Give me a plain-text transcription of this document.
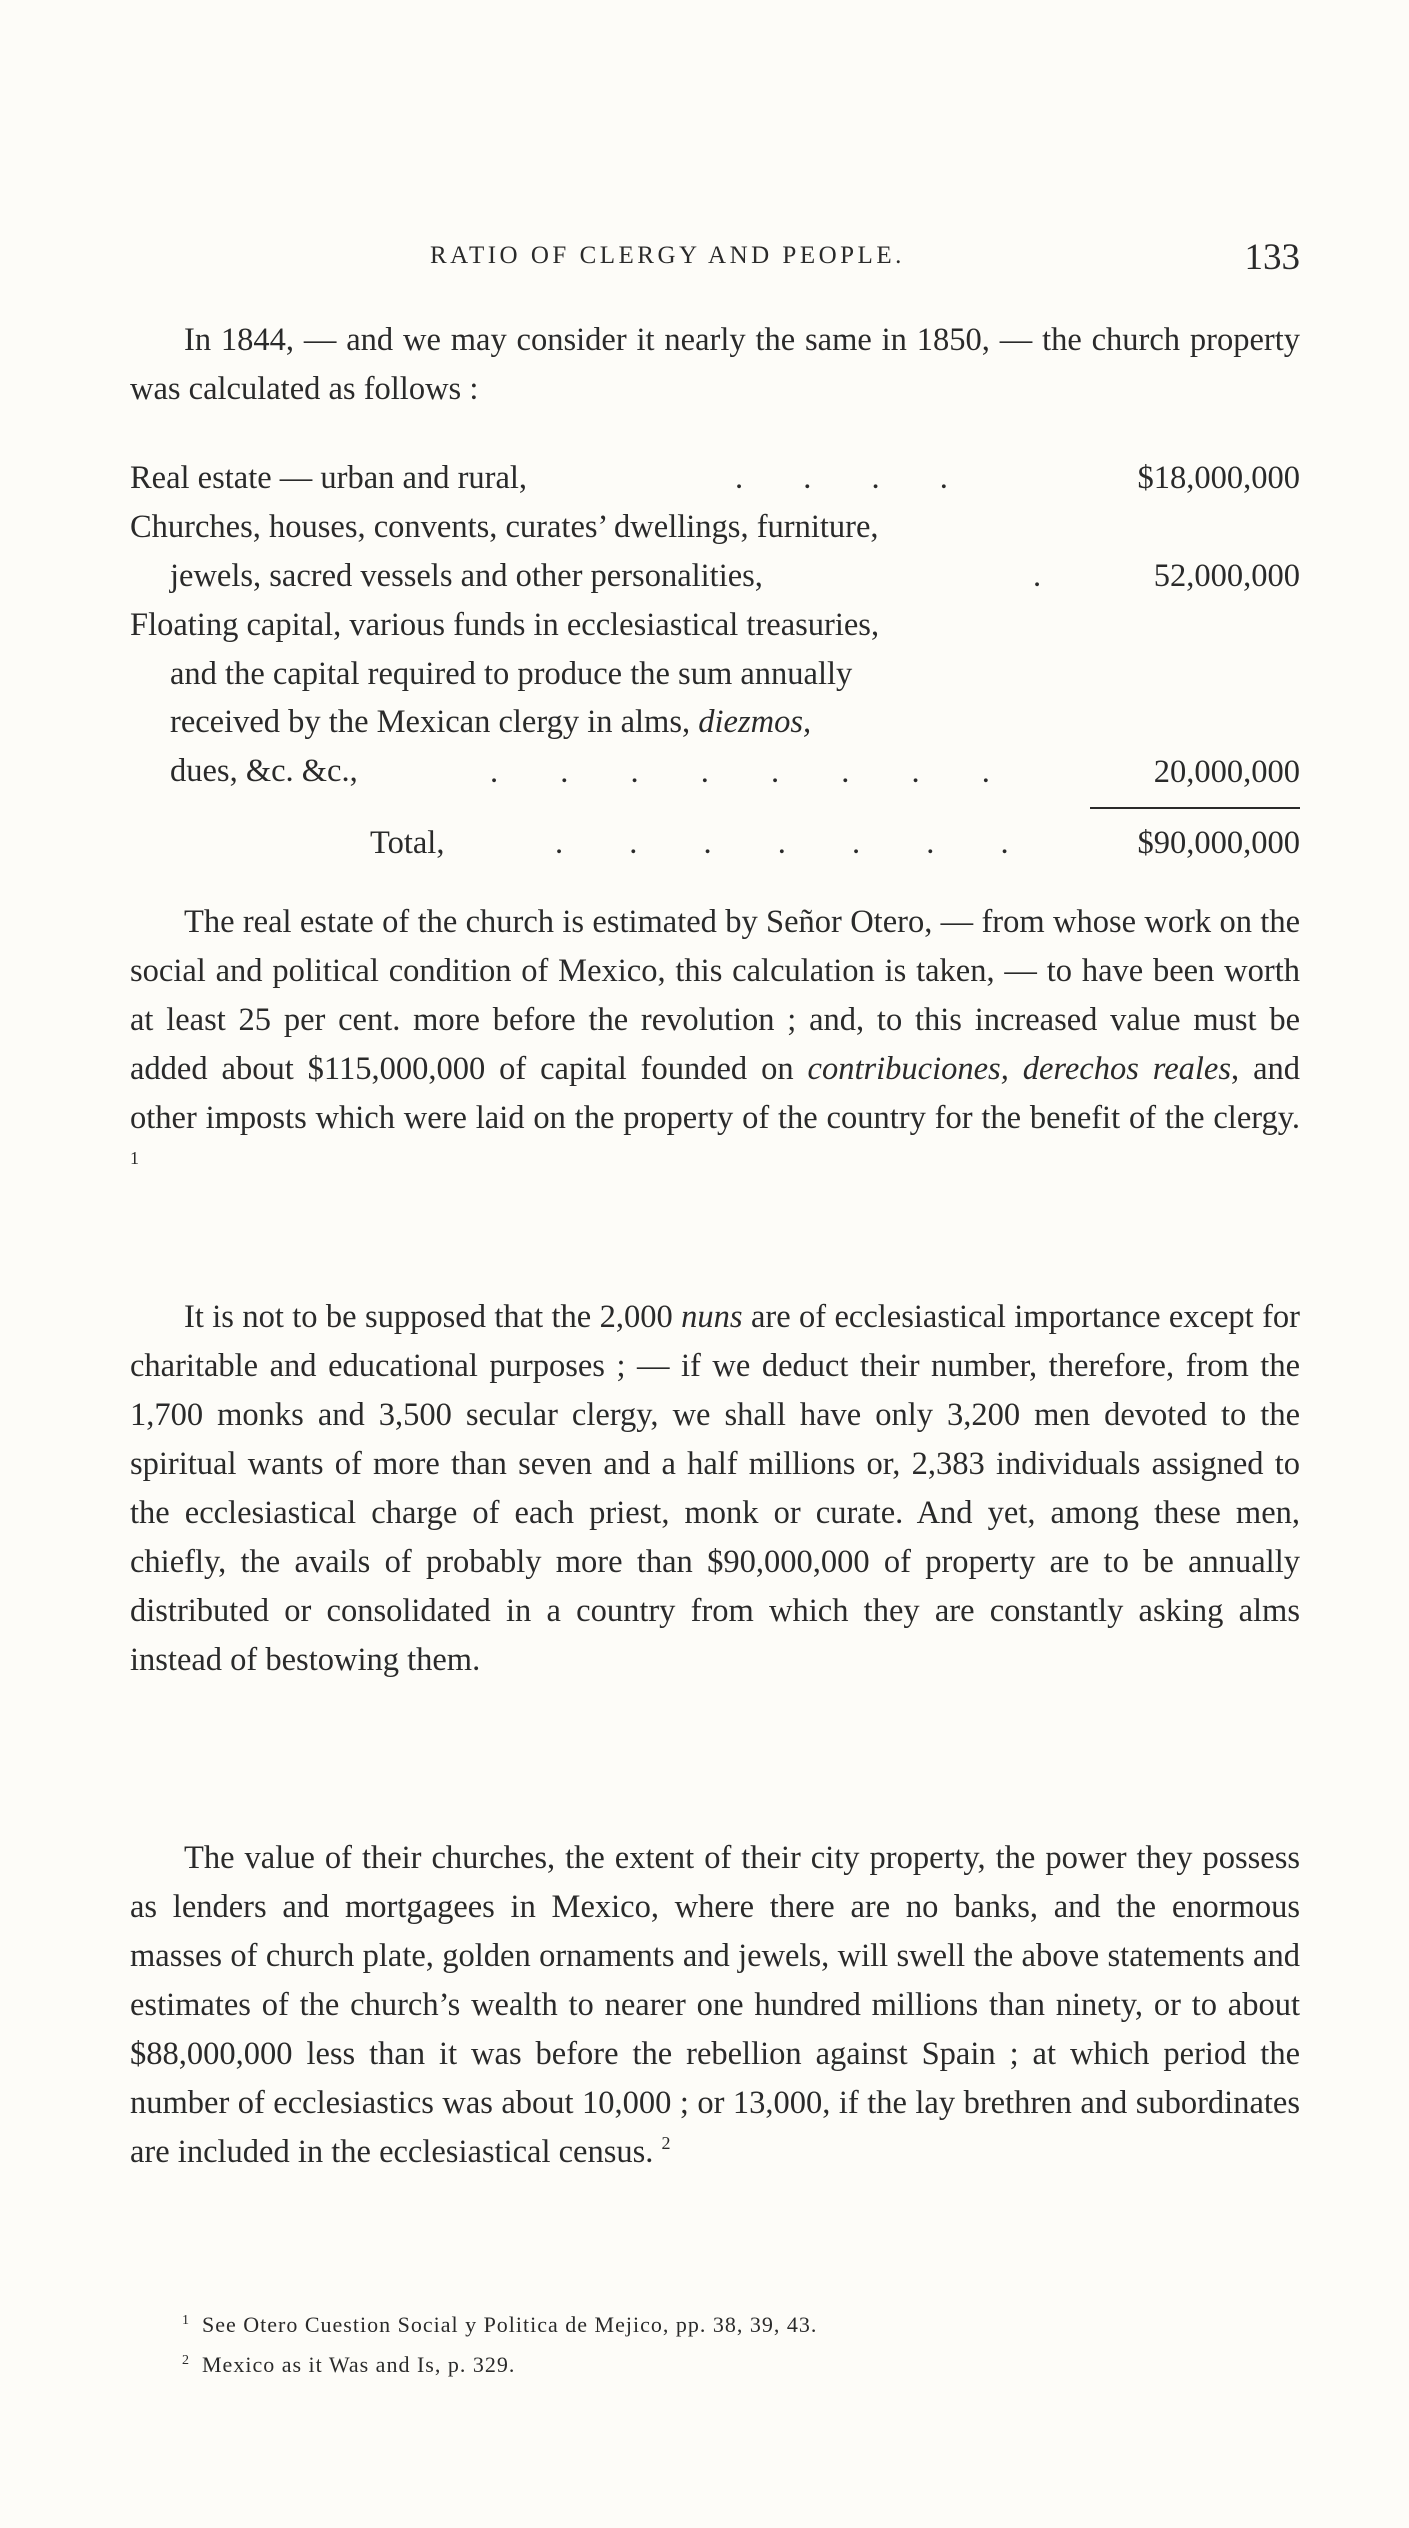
RATIO OF CLERGY AND PEOPLE.	133
In 1844, — and we may consider it nearly the same in 1850, — the church property was calculated as follows :
Real estate — urban and rural,	. . . .	$18,000,000
Churches, houses, convents, curates’ dwellings, furniture,
jewels, sacred vessels and other personalities,	.	52,000,000
Floating capital, various funds in ecclesiastical treasuries,
and the capital required to produce the sum annually
received by the Mexican clergy in alms, diezmos,
dues, &c. &c.,	. . . . . . . .	20,000,000
Total,	. . . . . . .	$90,000,000
The real estate of the church is estimated by Señor Otero, — from whose work on the social and political condition of Mexico, this calculation is taken, — to have been worth at least 25 per cent. more before the revolution ; and, to this increased value must be added about $115,000,000 of capital founded on contribuciones, derechos reales, and other imposts which were laid on the property of the country for the benefit of the clergy. $^1$
It is not to be supposed that the 2,000 nuns are of ecclesiastical importance except for charitable and educational purposes ; — if we deduct their number, therefore, from the 1,700 monks and 3,500 secular clergy, we shall have only 3,200 men devoted to the spiritual wants of more than seven and a half millions or, 2,383 individuals assigned to the ecclesiastical charge of each priest, monk or curate. And yet, among these men, chiefly, the avails of probably more than $90,000,000 of property are to be annually distributed or consolidated in a country from which they are constantly asking alms instead of bestowing them.
The value of their churches, the extent of their city property, the power they possess as lenders and mortgagees in Mexico, where there are no banks, and the enormous masses of church plate, golden ornaments and jewels, will swell the above statements and estimates of the church’s wealth to nearer one hundred millions than ninety, or to about $88,000,000 less than it was before the rebellion against Spain ; at which period the number of ecclesiastics was about 10,000 ; or 13,000, if the lay brethren and subordinates are included in the ecclesiastical census. $^2$
$^1$ See Otero Cuestion Social y Politica de Mejico, pp. 38, 39, 43.
$^2$ Mexico as it Was and Is, p. 329.
